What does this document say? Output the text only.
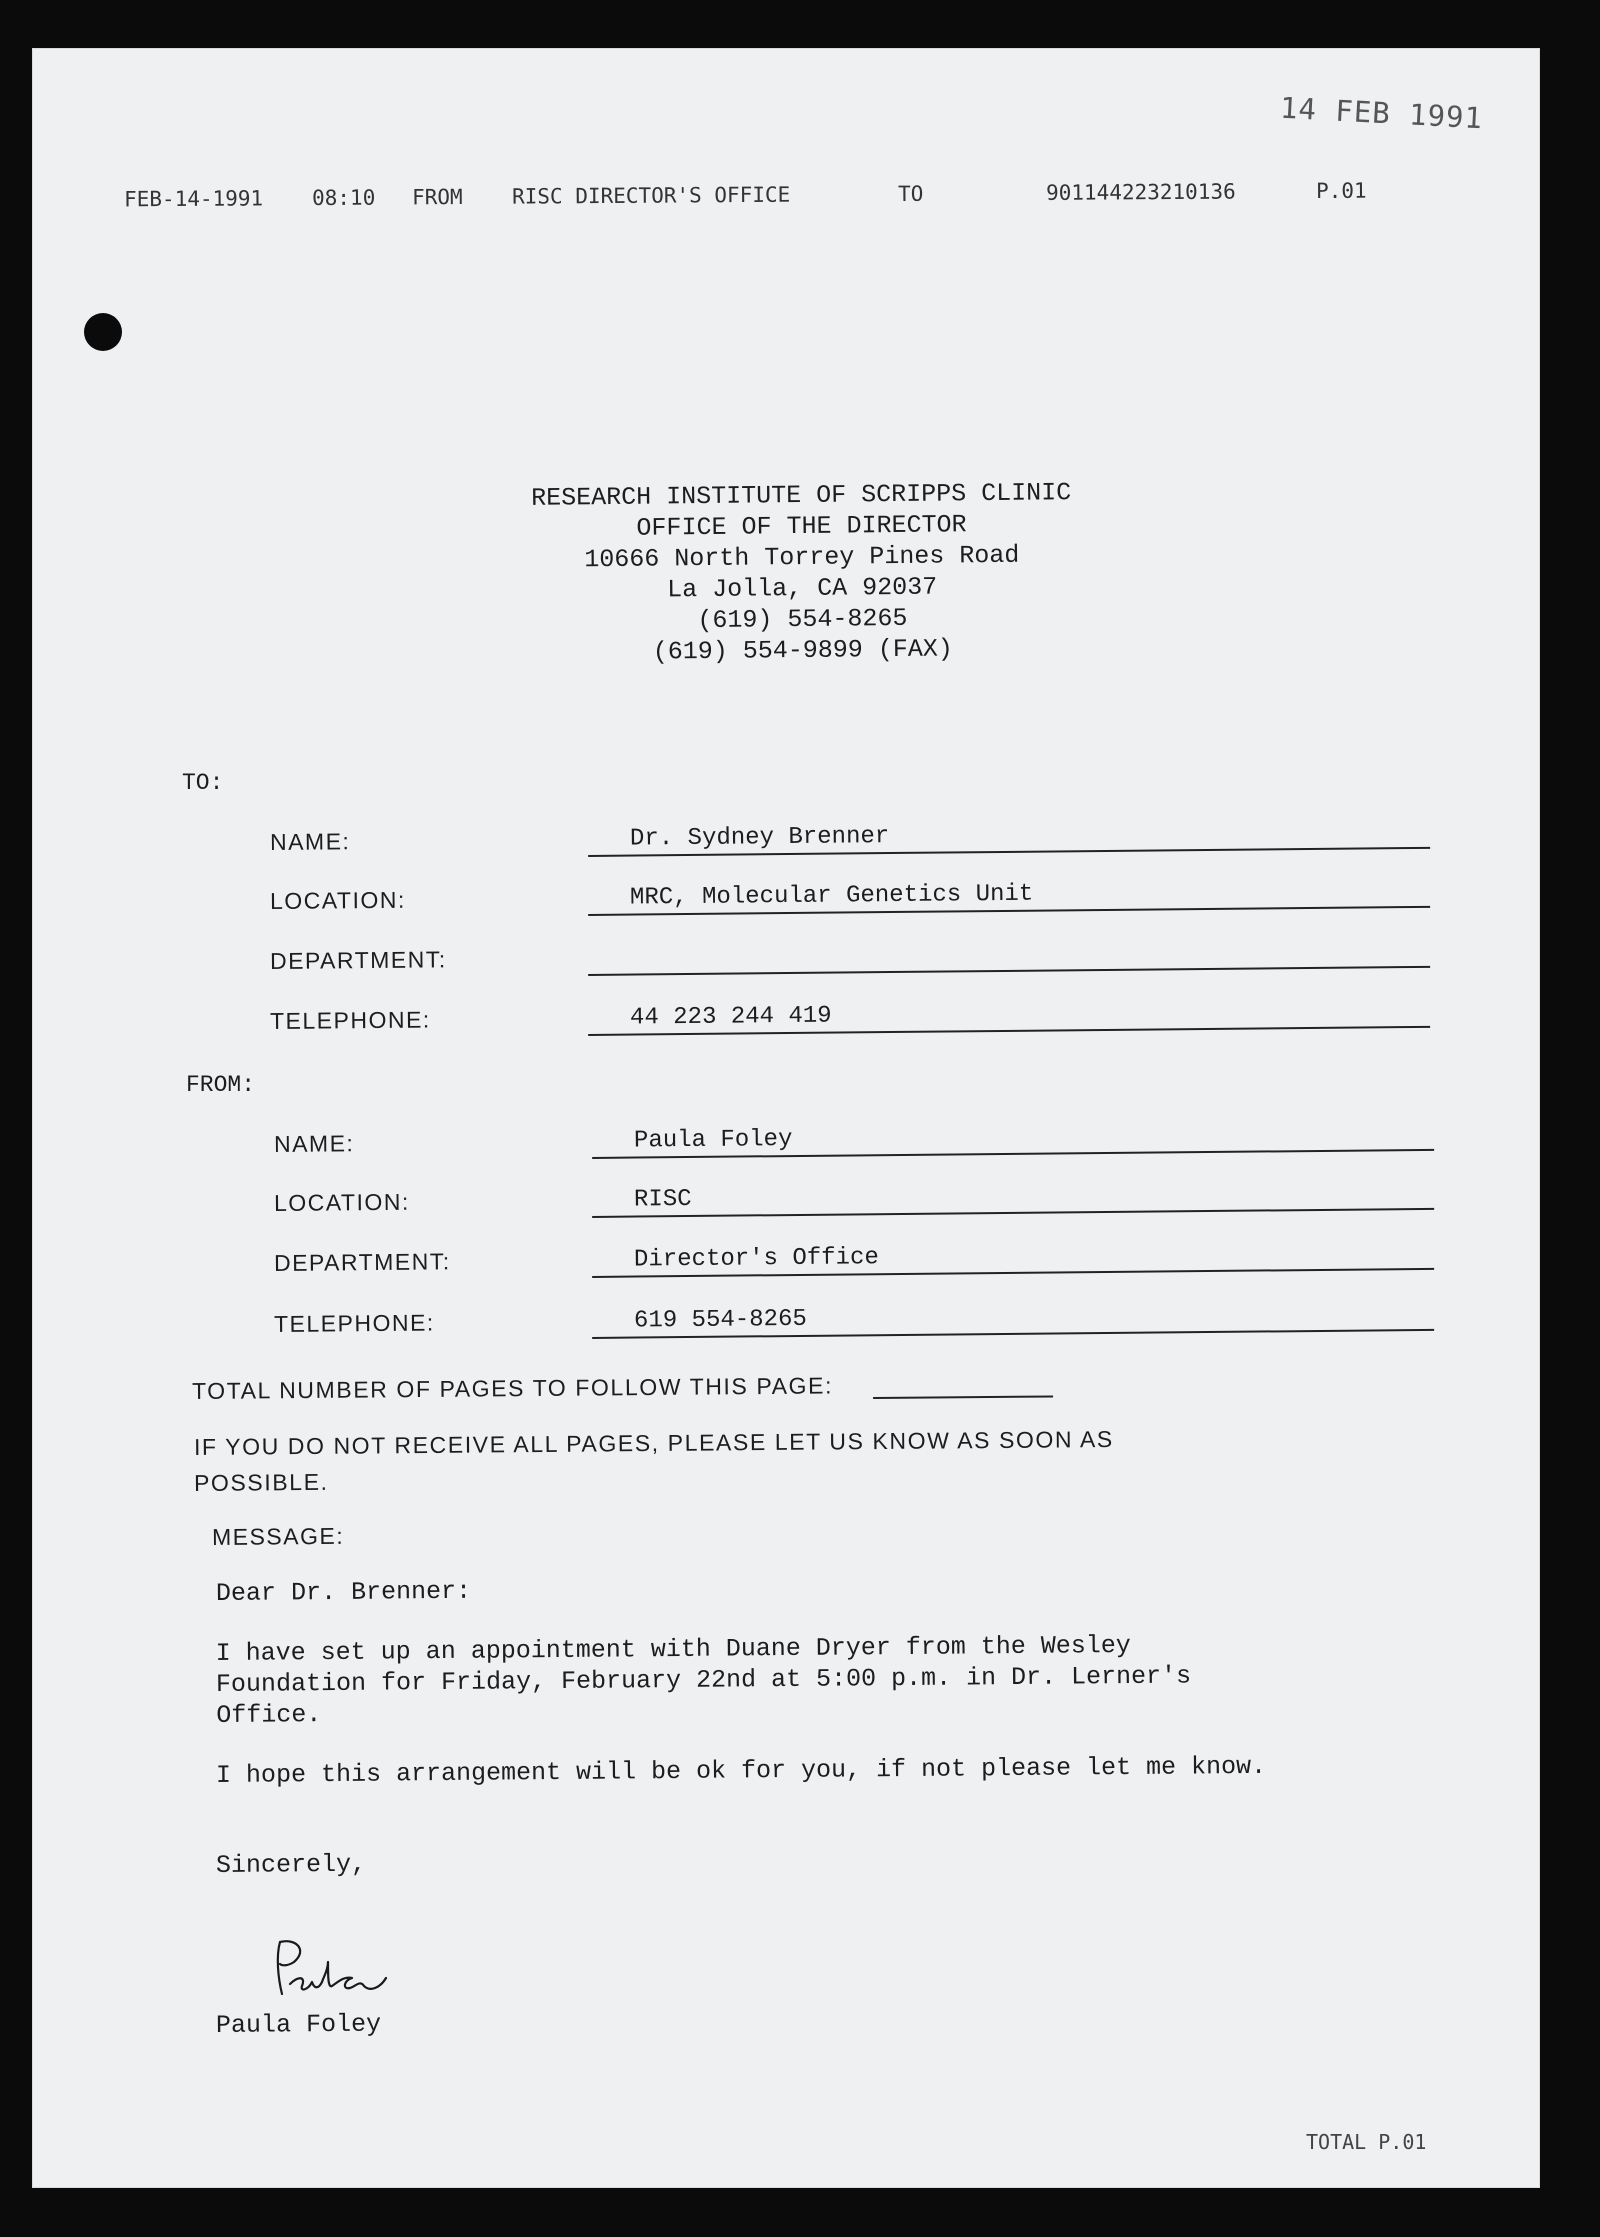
14 FEB 1991
FEB-14-1991 08:10 FROM RISC DIRECTOR'S OFFICE	TO	901144223210136	P.01
RESEARCH INSTITUTE OF SCRIPPS CLINIC
OFFICE OF THE DIRECTOR
10666 North Torrey Pines Road
La Jolla, CA 92037
(619) 554-8265
(619) 554-9899 (FAX)
TO:
NAME:	Dr. Sydney Brenner
LOCATION:	MRC, Molecular Genetics Unit
DEPARTMENT:
TELEPHONE:	44 223 244 419
FROM:
NAME:	Paula Foley
LOCATION:	RISC
DEPARTMENT:	Director's Office
TELEPHONE:	619 554-8265
TOTAL NUMBER OF PAGES TO FOLLOW THIS PAGE:
IF YOU DO NOT RECEIVE ALL PAGES, PLEASE LET US KNOW AS SOON AS
POSSIBLE.
MESSAGE:
Dear Dr. Brenner:
I have set up an appointment with Duane Dryer from the Wesley
Foundation for Friday, February 22nd at 5:00 p.m. in Dr. Lerner's
Office.
I hope this arrangement will be ok for you, if not please let me know.
Sincerely,
Paula Foley
TOTAL P.01
